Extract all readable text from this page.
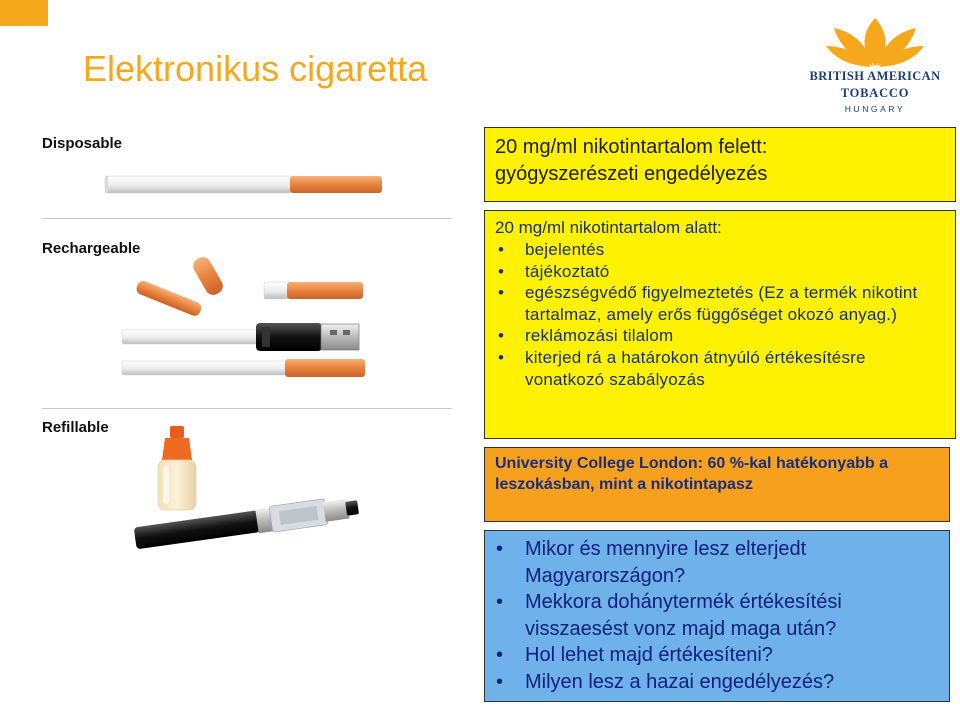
Elektronikus cigaretta	BRITISH AMERICAN
TOBACCO
HUNGARY
Disposable
Rechargeable
Refillable
20 mg/ml nikotintartalom felett:
gyógyszerészeti engedélyezés
20 mg/ml nikotintartalom alatt:
• bejelentés
• tájékoztató
• egészségvédő figyelmeztetés (Ez a termék nikotint tartalmaz, amely erős függőséget okozó anyag.)
• reklámozási tilalom
• kiterjed rá a határokon átnyúló értékesítésre vonatkozó szabályozás
University College London: 60 %-kal hatékonyabb a leszokásban, mint a nikotintapasz
• Mikor és mennyire lesz elterjedt Magyarországon?
• Mekkora dohánytermék értékesítési visszaesést vonz majd maga után?
• Hol lehet majd értékesíteni?
• Milyen lesz a hazai engedélyezés?
